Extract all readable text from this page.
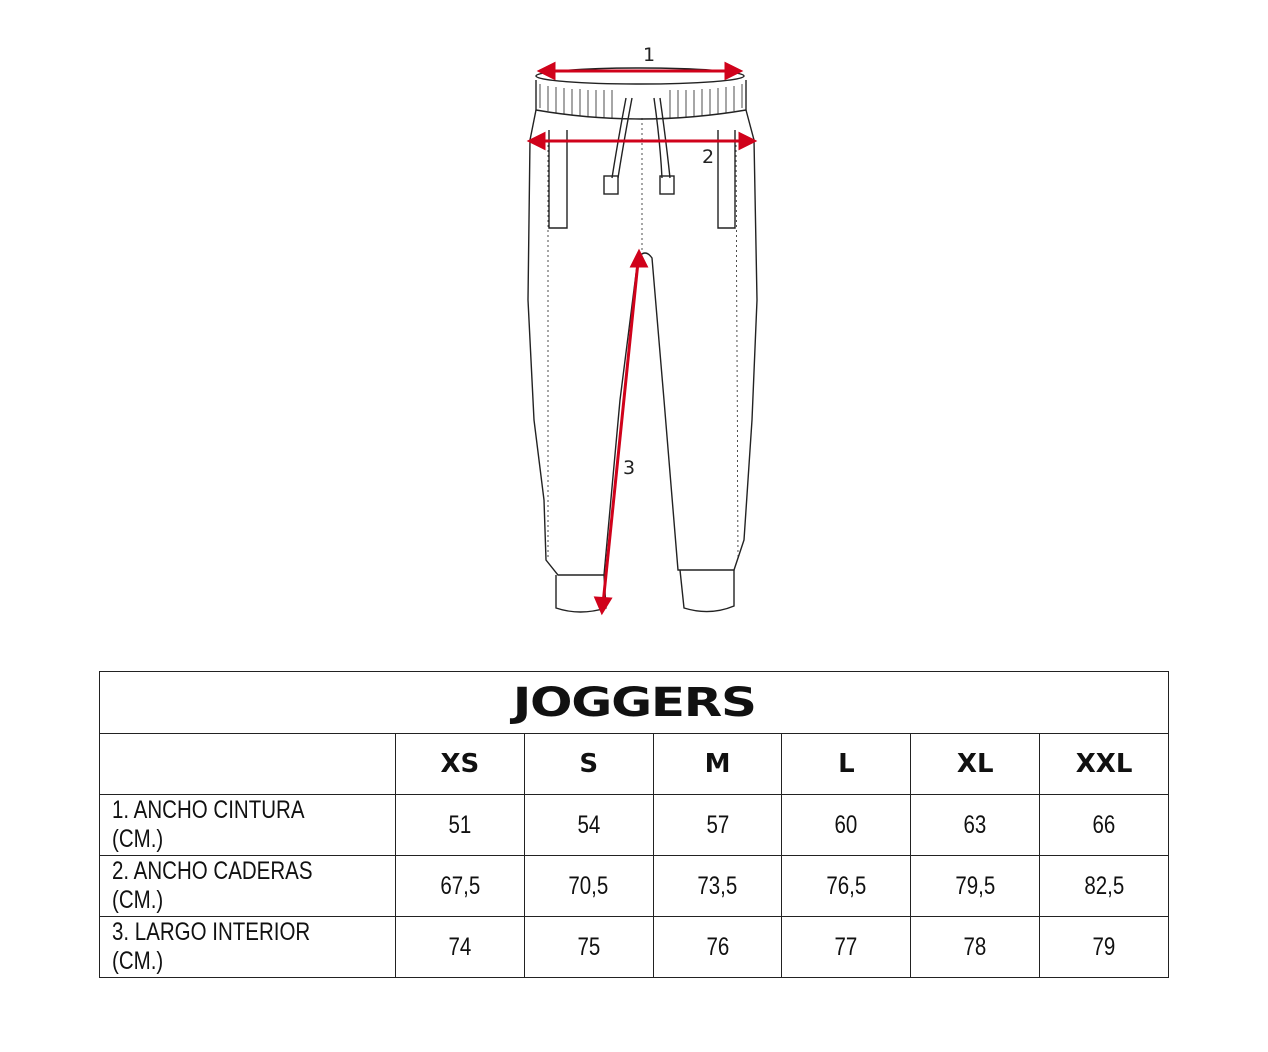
1
2
3
JOGGERS						
	XS	S	M	L	XL	XXL
1. ANCHO CINTURA (CM.)	51	54	57	60	63	66
2. ANCHO CADERAS (CM.)	67,5	70,5	73,5	76,5	79,5	82,5
3. LARGO INTERIOR (CM.)	74	75	76	77	78	79
